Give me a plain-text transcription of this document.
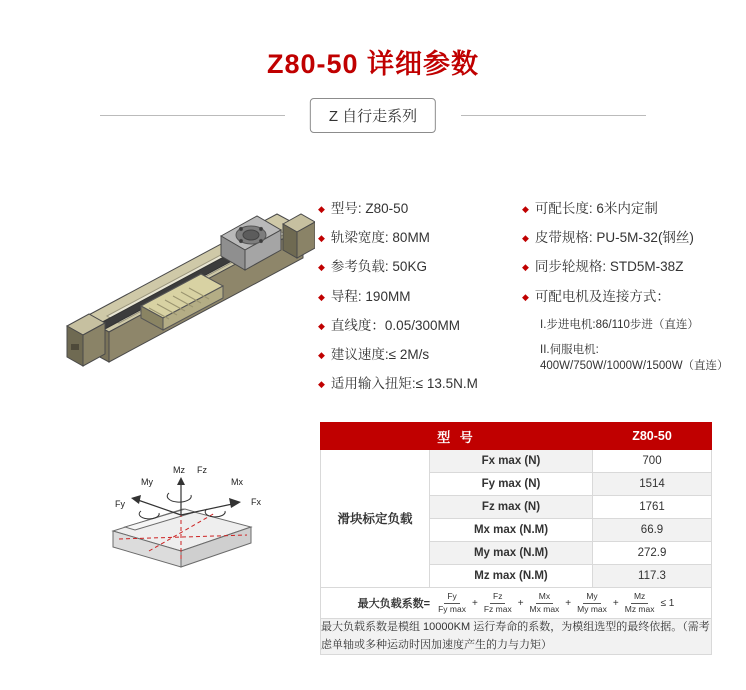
Z80-50 详细参数
Z 自行走系列
◆ 型号: Z80-50
◆ 轨梁宽度: 80MM
◆ 参考负载: 50KG
◆ 导程: 190MM
◆ 直线度：0.05/300MM
◆ 建议速度:≤ 2M/s
◆ 适用输入扭矩:≤ 13.5N.M
◆ 可配长度: 6米内定制
◆ 皮带规格: PU-5M-32(钢丝)
◆ 同步轮规格: STD5M-38Z
◆ 可配电机及连接方式：
I.步进电机:86/110步进（直连）
II.伺服电机: 400W/750W/1000W/1500W（直连）
My
Mz Fz
Mx
Fy	Fx
型 号		Z80-50
滑块标定负载	Fx max (N)	700
	Fy max (N)	1514
	Fz max (N)	1761
	Mx max (N.M)	66.9
	My max (N.M)	272.9
	Mz max (N.M)	117.3

最大负载系数= $\frac{Fy}{\text{Fy max}} + \frac{Fz}{\text{Fz max}} + \frac{Mx}{\text{Mx max}} + \frac{My}{\text{My max}} + \frac{Mz}{\text{Mz max}} \le 1$

最大负载系数是模组 10000KM 运行寿命的系数，为模组选型的最终依据。（需考虑单轴或多种运动时因加速度产生的力与力矩）		
